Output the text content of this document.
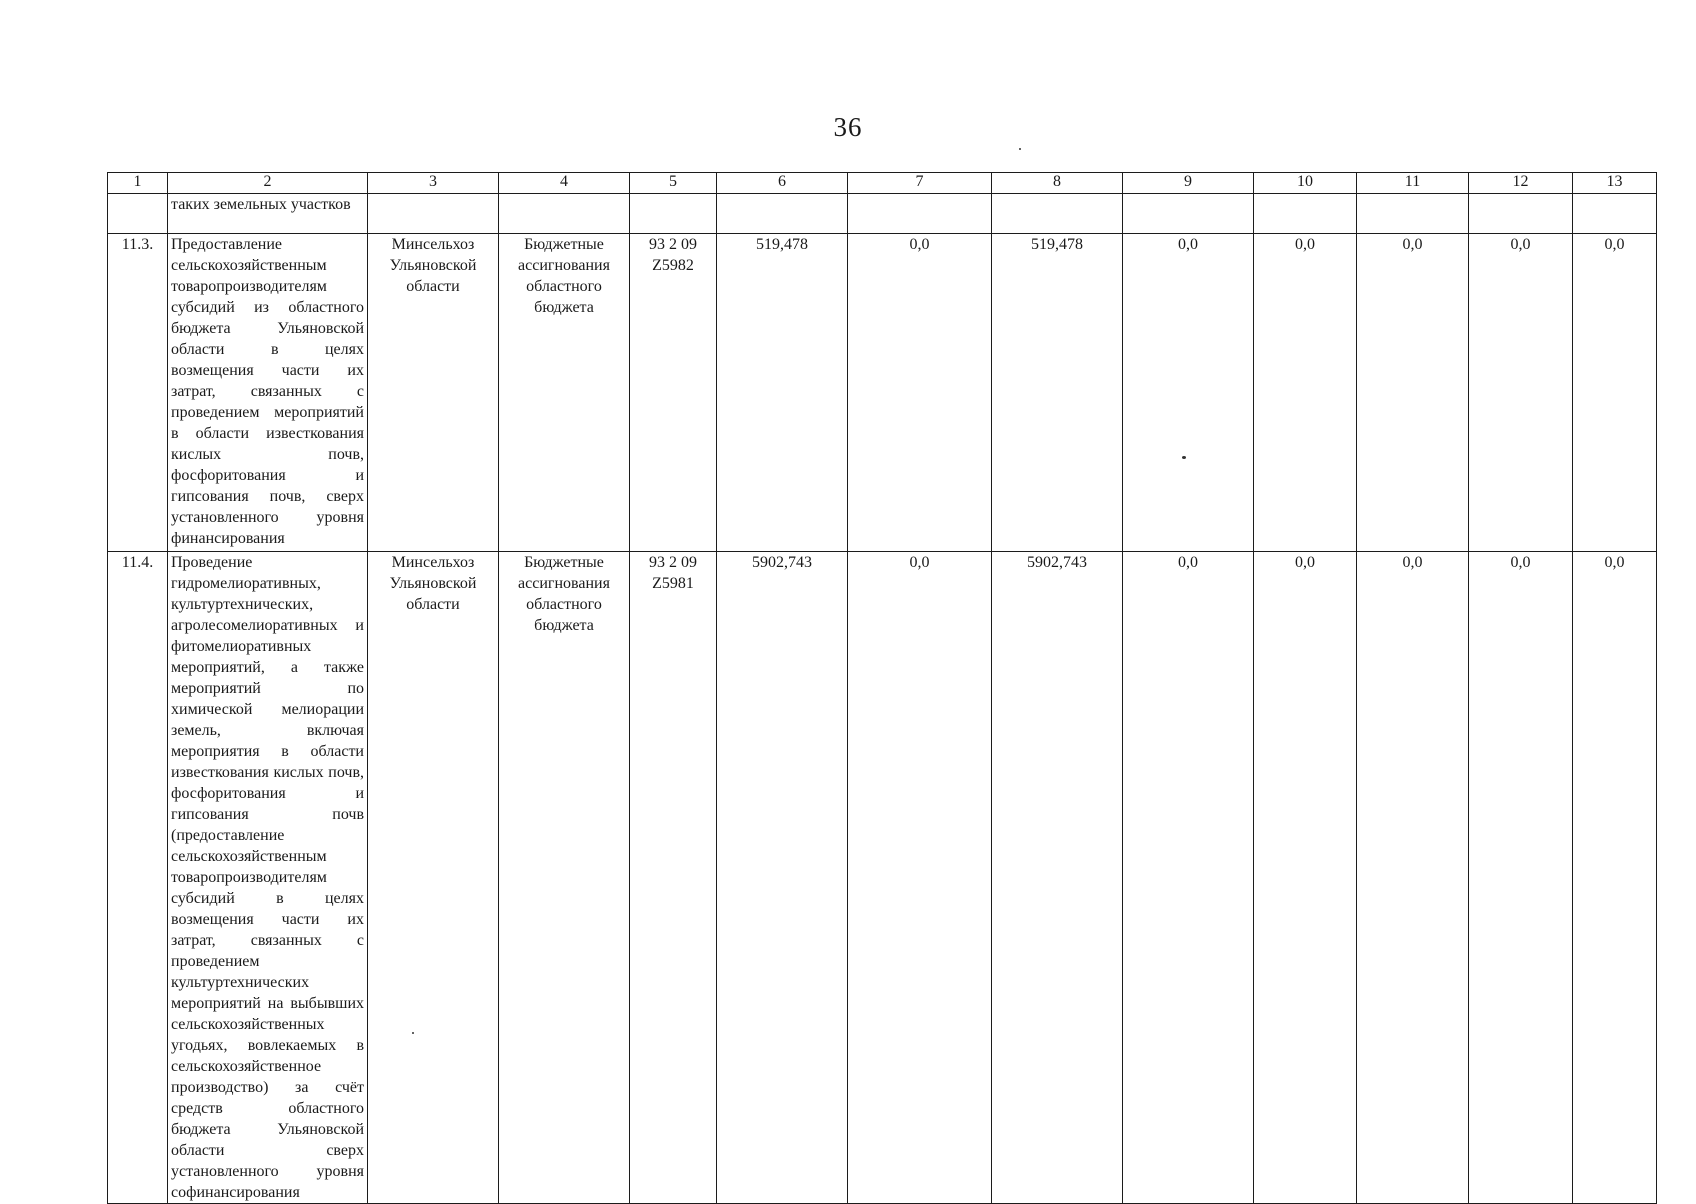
36
1	2	3	4	5	6	7	8	9	10	11	12	13
	таких земельных участков											
11.3.	Предоставление сельскохозяйственным товаропроизводителям субсидий из областного бюджета Ульяновской области в целях возмещения части их затрат, связанных с проведением мероприятий в области известкования кислых почв, фосфоритования и гипсования почв, сверх установленного уровня финансирования	Минсельхоз Ульяновской области	Бюджетные ассигнования областного бюджета	93 2 09 Z5982	519,478	0,0	519,478	0,0	0,0	0,0	0,0	0,0
11.4.	Проведение гидромелиоративных, культуртехнических, агролесомелиоративных и фитомелиоративных мероприятий, а также мероприятий по химической мелиорации земель, включая мероприятия в области известкования кислых почв, фосфоритования и гипсования почв (предоставление сельскохозяйственным товаропроизводителям субсидий в целях возмещения части их затрат, связанных с проведением культуртехнических мероприятий на выбывших сельскохозяйственных угодьях, вовлекаемых в сельскохозяйственное производство) за счёт средств областного бюджета Ульяновской области сверх установленного уровня софинансирования	Минсельхоз Ульяновской области	Бюджетные ассигнования областного бюджета	93 2 09 Z5981	5902,743	0,0	5902,743	0,0	0,0	0,0	0,0	0,0
